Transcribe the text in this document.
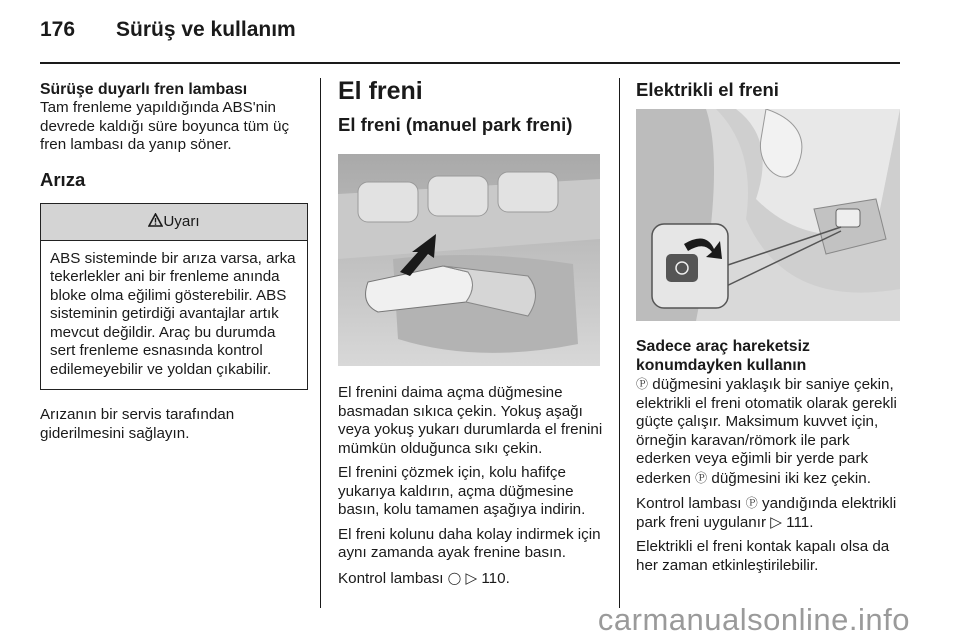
176 Sürüş ve kullanım
Sürüşe duyarlı fren lambası

Tam frenleme yapıldığında ABS'nin devrede kaldığı süre boyunca tüm üç fren lambası da yanıp söner.

Arıza
Uyarı
ABS sisteminde bir arıza varsa, arka tekerlekler ani bir frenleme anında bloke olma eğilimi gösterebilir. ABS sisteminin getirdiği avantajlar artık mevcut değildir. Araç bu durumda sert frenleme esnasında kontrol edilemeyebilir ve yoldan çıkabilir.

Arızanın bir servis tarafından giderilmesini sağlayın.

El freni
El freni (manuel park freni)

El frenini daima açma düğmesine basmadan sıkıca çekin. Yokuş aşağı veya yokuş yukarı durumlarda el frenini mümkün olduğunca sıkı çekin.

El frenini çözmek için, kolu hafifçe yukarıya kaldırın, açma düğmesine basın, kolu tamamen aşağıya indirin.

El freni kolunu daha kolay indirmek için aynı zamanda ayak frenine basın.

Kontrol lambası ◯ ▷ 110.

Elektrikli el freni
Sadece araç hareketsiz konumdayken kullanın

Ⓟ düğmesini yaklaşık bir saniye çekin, elektrikli el freni otomatik olarak gerekli güçte çalışır. Maksimum kuvvet için, örneğin karavan/römork ile park ederken veya eğimli bir yerde park ederken Ⓟ düğmesini iki kez çekin.

Kontrol lambası Ⓟ yandığında elektrikli park freni uygulanır ▷ 111.

Elektrikli el freni kontak kapalı olsa da her zaman etkinleştirilebilir.

carmanualsonline.info
